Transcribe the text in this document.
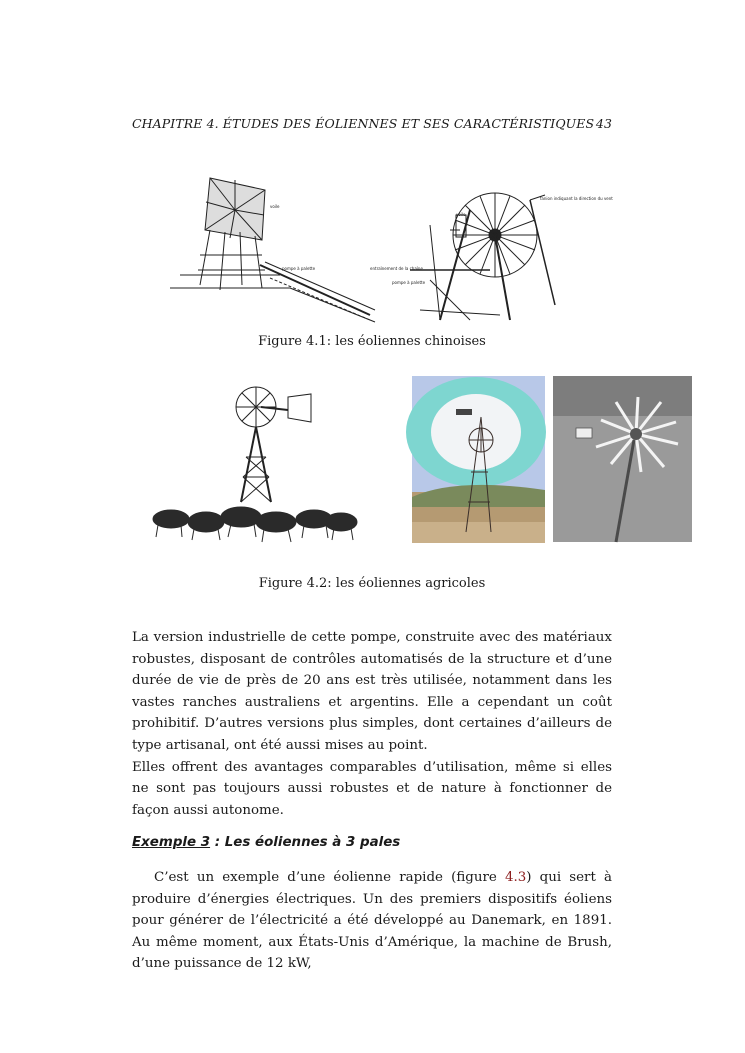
CHAPITRE 4. ÉTUDES DES ÉOLIENNES ET SES CARACTÉRISTIQUES 43
voile
pompe à palette
voile
fanion indiquant la direction du vent
entraînement de la chaîne
pompe à palette
Figure 4.1: les éoliennes chinoises
Figure 4.2: les éoliennes agricoles

La version industrielle de cette pompe, construite avec des matériaux robustes, disposant de contrôles automatisés de la structure et d’une durée de vie de près de 20 ans est très utilisée, notamment dans les vastes ranches australiens et argentins. Elle a cependant un coût prohibitif. D’autres versions plus simples, dont certaines d’ailleurs de type artisanal, ont été aussi mises au point.

Elles offrent des avantages comparables d’utilisation, même si elles ne sont pas toujours aussi robustes et de nature à fonctionner de façon aussi autonome.

Exemple 3 : Les éoliennes à 3 pales
C’est un exemple d’une éolienne rapide (figure 4.3) qui sert à produire d’énergies électriques. Un des premiers dispositifs éoliens pour générer de l’électricité a été développé au Danemark, en 1891. Au même moment, aux États-Unis d’Amérique, la machine de Brush, d’une puissance de 12 kW,
